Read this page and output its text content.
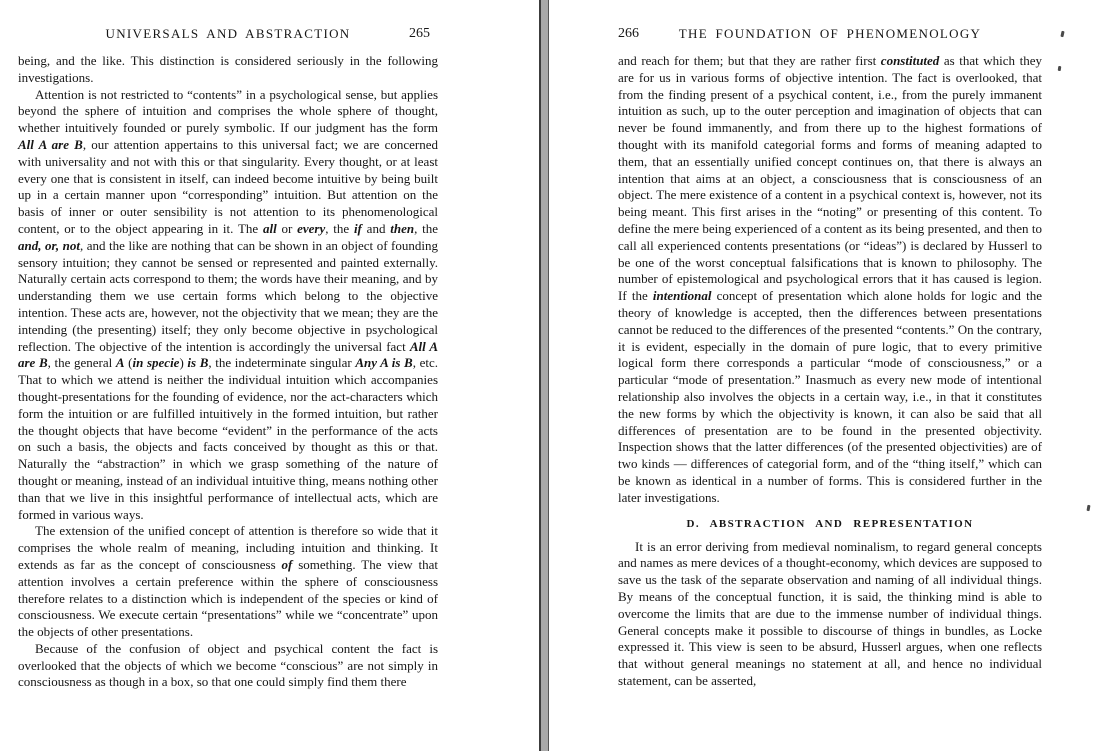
UNIVERSALS AND ABSTRACTION	265

being, and the like. This distinction is considered seriously in the following investigations.

Attention is not restricted to “contents” in a psychological sense, but applies beyond the sphere of intuition and comprises the whole sphere of thought, whether intuitively founded or purely symbolic. If our judgment has the form All A are B, our attention appertains to this universal fact; we are concerned with universality and not with this or that singularity. Every thought, or at least every one that is consistent in itself, can indeed become intuitive by being built up in a certain manner upon “corresponding” intuition. But attention on the basis of inner or outer sensibility is not attention to its phenomenological content, or to the object appearing in it. The all or every, the if and then, the and, or, not, and the like are nothing that can be shown in an object of founding sensory intuition; they cannot be sensed or represented and painted externally. Naturally certain acts correspond to them; the words have their meaning, and by understanding them we use certain forms which belong to the objective intention. These acts are, however, not the objectivity that we mean; they are the intending (the presenting) itself; they only become objective in psychological reflection. The objective of the intention is accordingly the universal fact All A are B, the general A (in specie) is B, the indeterminate singular Any A is B, etc. That to which we attend is neither the individual intuition which accompanies thought-presentations for the founding of evidence, nor the act-characters which form the intuition or are fulfilled intuitively in the formed intuition, but rather the thought objects that have become “evident” in the performance of the acts on such a basis, the objects and facts conceived by thought as this or that. Naturally the “abstraction” in which we grasp something of the nature of thought or meaning, instead of an individual intuitive thing, means nothing other than that we live in this insightful performance of intellectual acts, which are formed in various ways.

The extension of the unified concept of attention is therefore so wide that it comprises the whole realm of meaning, including intuition and thinking. It extends as far as the concept of consciousness of something. The view that attention involves a certain preference within the sphere of consciousness therefore relates to a distinction which is independent of the species or kind of consciousness. We execute certain “presentations” while we “concentrate” upon the objects of other presentations.

Because of the confusion of object and psychical content the fact is overlooked that the objects of which we become “conscious” are not simply in consciousness as though in a box, so that one could simply find them there

266	THE FOUNDATION OF PHENOMENOLOGY

and reach for them; but that they are rather first constituted as that which they are for us in various forms of objective intention. The fact is overlooked, that from the finding present of a psychical content, i.e., from the purely immanent intuition as such, up to the outer perception and imagination of objects that can never be found immanently, and from there up to the highest formations of thought with its manifold categorial forms and forms of meaning adapted to them, that an essentially unified concept continues on, that there is always an intention that aims at an object, a consciousness that is consciousness of an object. The mere existence of a content in a psychical context is, however, not its being meant. This first arises in the “noting” or presenting of this content. To define the mere being experienced of a content as its being presented, and then to call all experienced contents presentations (or “ideas”) is declared by Husserl to be one of the worst conceptual falsifications that is known to philosophy. The number of epistemological and psychological errors that it has caused is legion. If the intentional concept of presentation which alone holds for logic and the theory of knowledge is accepted, then the differences between presentations cannot be reduced to the differences of the presented “contents.” On the contrary, it is evident, especially in the domain of pure logic, that to every primitive logical form there corresponds a particular “mode of consciousness,” or a particular “mode of presentation.” Inasmuch as every new mode of intentional relationship also involves the objects in a certain way, i.e., in that it constitutes the new forms by which the objectivity is known, it can also be said that all differences of presentation are to be found in the presented objectivity. Inspection shows that the latter differences (of the presented objectivities) are of two kinds — differences of categorial form, and of the “thing itself,” which can be known as identical in a number of forms. This is considered further in the later investigations.

D. ABSTRACTION AND REPRESENTATION

It is an error deriving from medieval nominalism, to regard general concepts and names as mere devices of a thought-economy, which devices are supposed to save us the task of the separate observation and naming of all individual things. By means of the conceptual function, it is said, the thinking mind is able to overcome the limits that are due to the immense number of individual things. General concepts make it possible to discourse of things in bundles, as Locke expressed it. This view is seen to be absurd, Husserl argues, when one reflects that without general meanings no statement at all, and hence no individual statement, can be asserted,
